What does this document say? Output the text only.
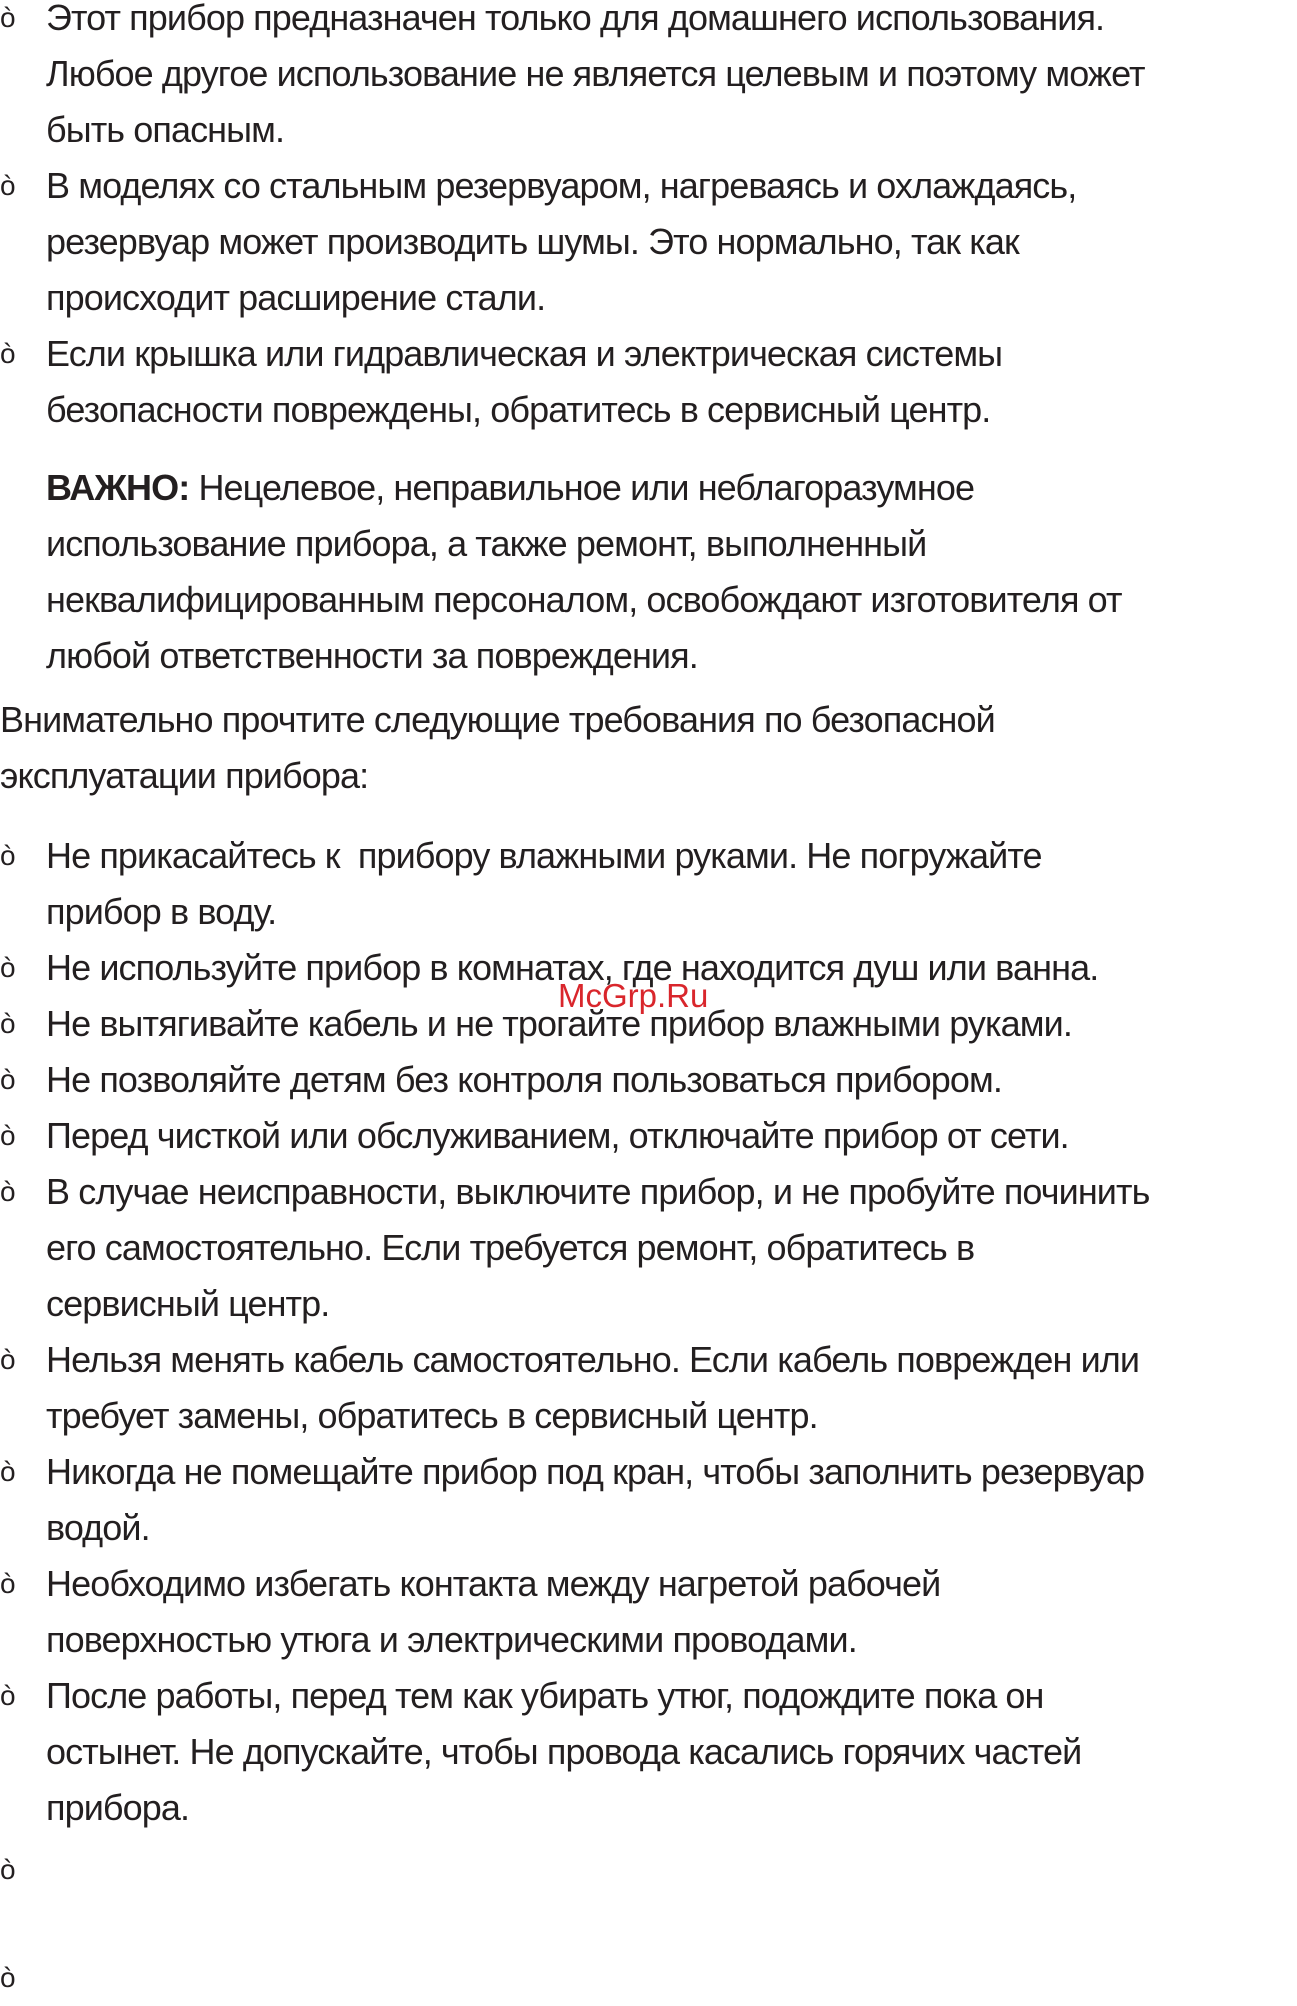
ò Этот прибор предназначен только для домашнего использования.
Любое другое использование не является целевым и поэтому может
быть опасным.
ò В моделях со стальным резервуаром, нагреваясь и охлаждаясь,
резервуар может производить шумы. Это нормально, так как
происходит расширение стали.
ò Если крышка или гидравлическая и электрическая системы
безопасности повреждены, обратитесь в сервисный центр.
ВАЖНО: Нецелевое, неправильное или неблагоразумное
использование прибора, а также ремонт, выполненный
неквалифицированным персоналом, освобождают изготовителя от
любой ответственности за повреждения.
Внимательно прочтите следующие требования по безопасной
эксплуатации прибора:
ò Не прикасайтесь к  прибору влажными руками. Не погружайте
прибор в воду.
ò Не используйте прибор в комнатах, где находится душ или ванна.
ò Не вытягивайте кабель и не трогайте прибор влажными руками.
ò Не позволяйте детям без контроля пользоваться прибором.
ò Перед чисткой или обслуживанием, отключайте прибор от сети.
ò В случае неисправности, выключите прибор, и не пробуйте починить
его самостоятельно. Если требуется ремонт, обратитесь в
сервисный центр.
ò Нельзя менять кабель самостоятельно. Если кабель поврежден или
требует замены, обратитесь в сервисный центр.
ò Никогда не помещайте прибор под кран, чтобы заполнить резервуар
водой.
ò Необходимо избегать контакта между нагретой рабочей
поверхностью утюга и электрическими проводами.
ò После работы, перед тем как убирать утюг, подождите пока он
остынет. Не допускайте, чтобы провода касались горячих частей
прибора.
ò
ò
McGrp.Ru
